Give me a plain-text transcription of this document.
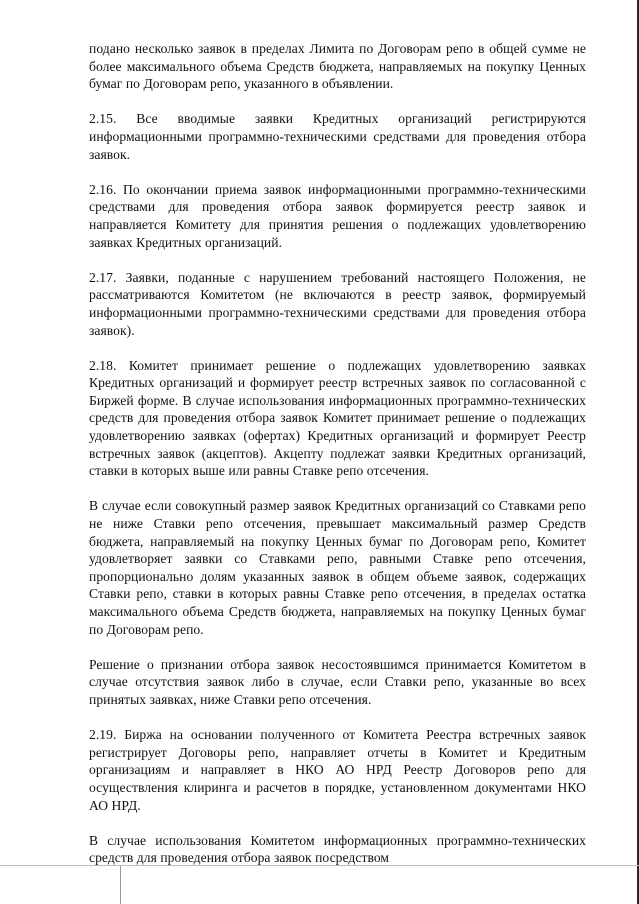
подано несколько заявок в пределах Лимита по Договорам репо в общей сумме не более максимального объема Средств бюджета, направляемых на покупку Ценных бумаг по Договорам репо, указанного в объявлении.

2.15. Все вводимые заявки Кредитных организаций регистрируются информационными программно-техническими средствами для проведения отбора заявок.

2.16. По окончании приема заявок информационными программно-техническими средствами для проведения отбора заявок формируется реестр заявок и направляется Комитету для принятия решения о подлежащих удовлетворению заявках Кредитных организаций.

2.17. Заявки, поданные с нарушением требований настоящего Положения, не рассматриваются Комитетом (не включаются в реестр заявок, формируемый информационными программно-техническими средствами для проведения отбора заявок).

2.18. Комитет принимает решение о подлежащих удовлетворению заявках Кредитных организаций и формирует реестр встречных заявок по согласованной с Биржей форме. В случае использования информационных программно-технических средств для проведения отбора заявок Комитет принимает решение о подлежащих удовлетворению заявках (офертах) Кредитных организаций и формирует Реестр встречных заявок (акцептов). Акцепту подлежат заявки Кредитных организаций, ставки в которых выше или равны Ставке репо отсечения.

В случае если совокупный размер заявок Кредитных организаций со Ставками репо не ниже Ставки репо отсечения, превышает максимальный размер Средств бюджета, направляемый на покупку Ценных бумаг по Договорам репо, Комитет удовлетворяет заявки со Ставками репо, равными Ставке репо отсечения, пропорционально долям указанных заявок в общем объеме заявок, содержащих Ставки репо, ставки в которых равны Ставке репо отсечения, в пределах остатка максимального объема Средств бюджета, направляемых на покупку Ценных бумаг по Договорам репо.

Решение о признании отбора заявок несостоявшимся принимается Комитетом в случае отсутствия заявок либо в случае, если Ставки репо, указанные во всех принятых заявках, ниже Ставки репо отсечения.

2.19. Биржа на основании полученного от Комитета Реестра встречных заявок регистрирует Договоры репо, направляет отчеты в Комитет и Кредитным организациям и направляет в НКО АО НРД Реестр Договоров репо для осуществления клиринга и расчетов в порядке, установленном документами НКО АО НРД.

В случае использования Комитетом информационных программно-технических средств для проведения отбора заявок посредством
